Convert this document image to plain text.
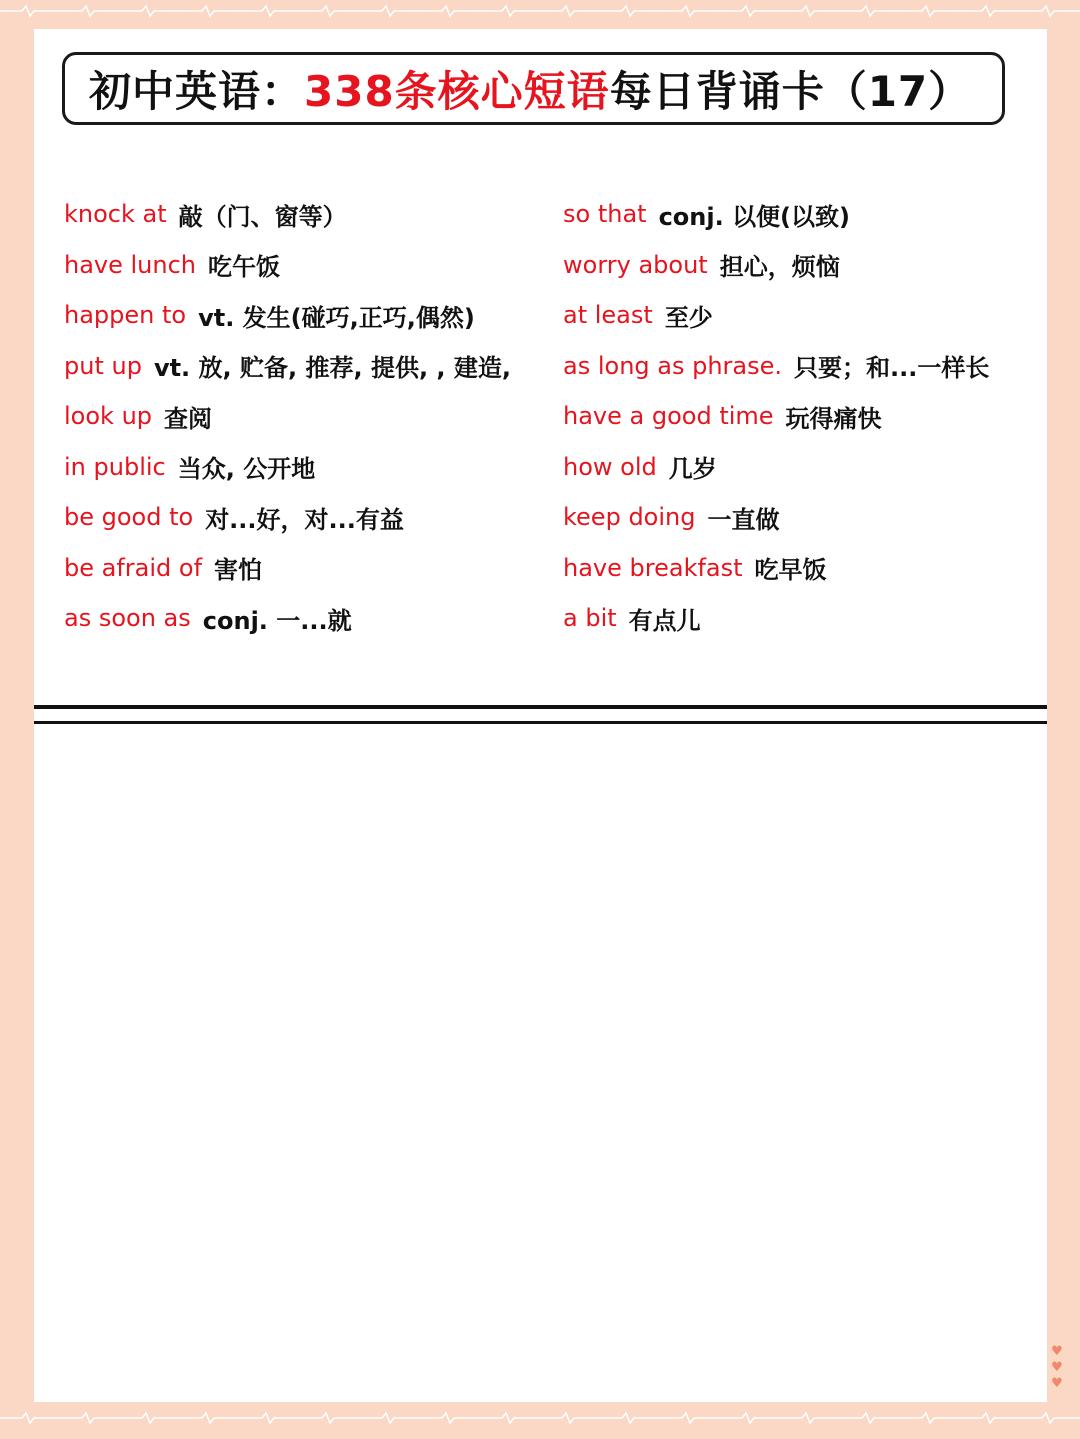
初中英语： 338条核心短语 每日背诵卡（17）
knock at 敲（门、窗等）
have lunch 吃午饭
happen to vt. 发生(碰巧,正巧,偶然)
put up vt. 放, 贮备, 推荐, 提供, , 建造,
look up 查阅
in public 当众, 公开地
be good to 对...好，对...有益
be afraid of 害怕
as soon as conj. 一...就
so that conj. 以便(以致)
worry about 担心，烦恼
at least 至少
as long as phrase. 只要；和...一样长
have a good time 玩得痛快
how old 几岁
keep doing 一直做
have breakfast 吃早饭
a bit 有点儿
♥
♥
♥
